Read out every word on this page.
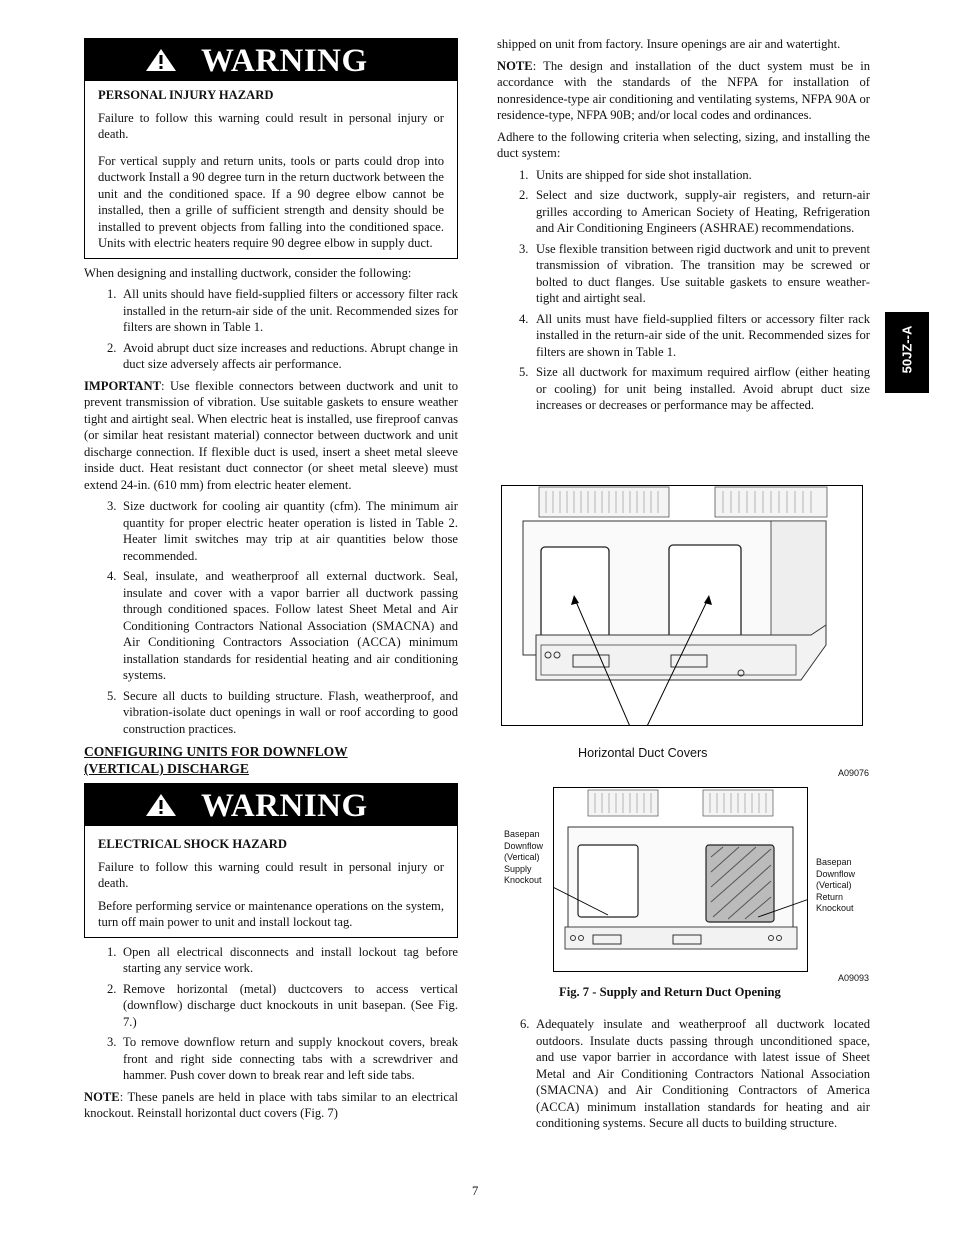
WARNING
PERSONAL INJURY HAZARD

Failure to follow this warning could result in personal injury or death.

For vertical supply and return units, tools or parts could drop into ductwork Install a 90 degree turn in the return ductwork between the unit and the conditioned space. If a 90 degree elbow cannot be installed, then a grille of sufficient strength and density should be installed to prevent objects from falling into the conditioned space. Units with electric heaters require 90 degree elbow in supply duct.

When designing and installing ductwork, consider the following:

1. All units should have field‐supplied filters or accessory filter rack installed in the return‐air side of the unit. Recommended sizes for filters are shown in Table 1.
2. Avoid abrupt duct size increases and reductions. Abrupt change in duct size adversely affects air performance.

IMPORTANT: Use flexible connectors between ductwork and unit to prevent transmission of vibration. Use suitable gaskets to ensure weather tight and airtight seal. When electric heat is installed, use fireproof canvas (or similar heat resistant material) connector between ductwork and unit discharge connection. If flexible duct is used, insert a sheet metal sleeve inside duct. Heat resistant duct connector (or sheet metal sleeve) must extend 24‐in. (610 mm) from electric heater element.

3. Size ductwork for cooling air quantity (cfm). The minimum air quantity for proper electric heater operation is listed in Table 2. Heater limit switches may trip at air quantities below those recommended.
4. Seal, insulate, and weatherproof all external ductwork. Seal, insulate and cover with a vapor barrier all ductwork passing through conditioned spaces. Follow latest Sheet Metal and Air Conditioning Contractors National Association (SMACNA) and Air Conditioning Contractors Association (ACCA) minimum installation standards for residential heating and air conditioning systems.
5. Secure all ducts to building structure. Flash, weatherproof, and vibration‐isolate duct openings in wall or roof according to good construction practices.
CONFIGURING UNITS FOR DOWNFLOW
(VERTICAL) DISCHARGE
WARNING
ELECTRICAL SHOCK HAZARD

Failure to follow this warning could result in personal injury or death.

Before performing service or maintenance operations on the system, turn off main power to unit and install lockout tag.

1. Open all electrical disconnects and install lockout tag before starting any service work.
2. Remove horizontal (metal) ductcovers to access vertical (downflow) discharge duct knockouts in unit basepan. (See Fig. 7.)
3. To remove downflow return and supply knockout covers, break front and right side connecting tabs with a screwdriver and hammer. Push cover down to break rear and left side tabs.

NOTE: These panels are held in place with tabs similar to an electrical knockout. Reinstall horizontal duct covers (Fig. 7)

shipped on unit from factory. Insure openings are air and watertight.

NOTE: The design and installation of the duct system must be in accordance with the standards of the NFPA for installation of nonresidence‐type air conditioning and ventilating systems, NFPA 90A or residence‐type, NFPA 90B; and/or local codes and ordinances.

Adhere to the following criteria when selecting, sizing, and installing the duct system:

1. Units are shipped for side shot installation.
2. Select and size ductwork, supply‐air registers, and return‐air grilles according to American Society of Heating, Refrigeration and Air Conditioning Engineers (ASHRAE) recommendations.
3. Use flexible transition between rigid ductwork and unit to prevent transmission of vibration. The transition may be screwed or bolted to duct flanges. Use suitable gaskets to ensure weather‐tight and airtight seal.
4. All units must have field‐supplied filters or accessory filter rack installed in the return‐air side of the unit. Recommended sizes for filters are shown in Table 1.
5. Size all ductwork for maximum required airflow (either heating or cooling) for unit being installed. Avoid abrupt duct size increases or decreases or performance may be affected.
Horizontal Duct Covers
A09076
Basepan
Downflow
(Vertical)
Supply
Knockout
Basepan
Downflow
(Vertical)
Return
Knockout
A09093
Fig. 7 ‐ Supply and Return Duct Opening
6. Adequately insulate and weatherproof all ductwork located outdoors. Insulate ducts passing through unconditioned space, and use vapor barrier in accordance with latest issue of Sheet Metal and Air Conditioning Contractors National Association (SMACNA) and Air Conditioning Contractors of America (ACCA) minimum installation standards for heating and air conditioning systems. Secure all ducts to building structure.
50JZ‐‐A
7
